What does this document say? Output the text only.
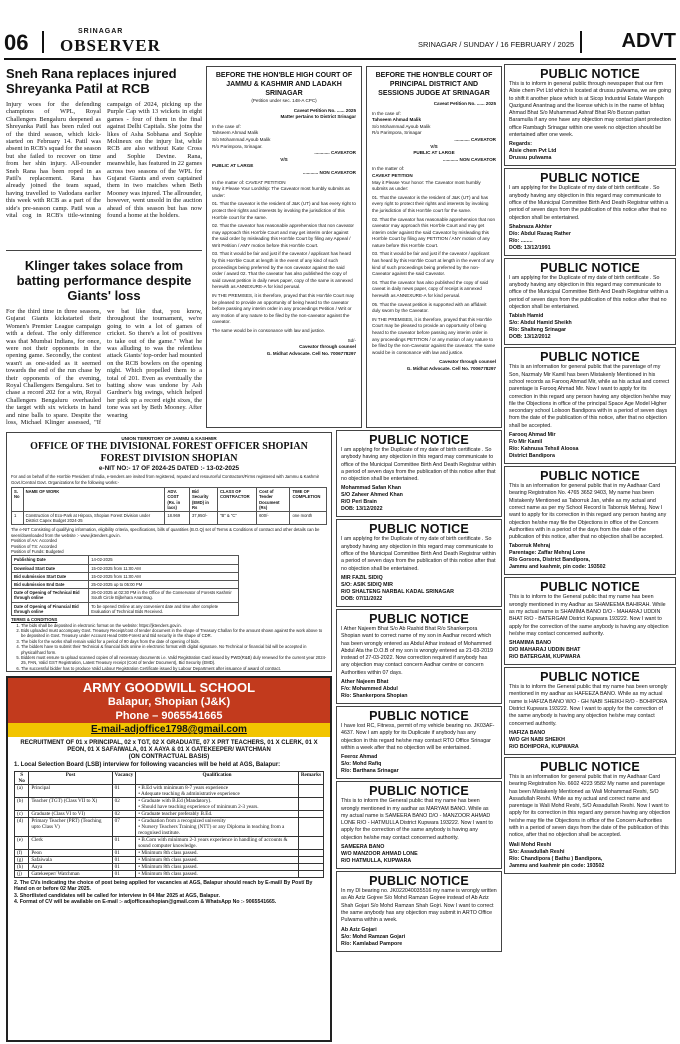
06	SRINAGAR
OBSERVER	SRINAGAR / SUNDAY / 16 FEBRUARY / 2025 ADVT
Sneh Rana replaces injured Shreyanka Patil at RCB
Injury woes for the defending champions of WPL, Royal Challengers Bengaluru deepened as Shreyanka Patil has been ruled out of the third season, which kick-started on February 14. Patil was absent in RCB's squad for the season but she failed to recover on time from her shin injury. All-rounder Sneh Rana has been roped in as Patil's replacement. Rana has already joined the team squad, having travelled to Vadodara earlier this week with RCB as a part of the side's pre-season camp. Patil was a vital cog in RCB's title-winning campaign of 2024, picking up the Purple Cap with 13 wickets in eight games - four of them in the final against Delhi Capitals. She joins the likes of Asha Sobhana and Sophie Molineux on the injury list, while RCB are also without Kate Cross and Sophie Devine. Rana, meanwhile, has featured in 22 games across two seasons of the WPL for Gujarat Giants and even captained them in two matches when Beth Mooney was injured. The allrounder, however, went unsold in the auction ahead of this season but has now found a home at the holders.
Klinger takes solace from batting performance despite Giants' loss
For the third time in three seasons, Gujarat Giants kickstarted their Women's Premier League campaign with a defeat. The only difference was that Mumbai Indians, for once, were not their opponents in the opening game. Secondly, the contest wasn't as one-sided as it seemed towards the end of the run chase by their opponents of the evening, Royal Challengers Bengaluru. Set to chase a record 202 for a win, Royal Challengers Bengaluru overhauled the target with six wickets in hand and nine balls to spare. Despite the loss, Michael Klinger assessed, "If we bat like that, you know, throughout the tournament, we're going to win a lot of games of cricket. So there's a lot of positives to take out of the game." What he was alluding to was the relentless attack Giants' top-order had mounted on the RCB bowlers on the opening night. Which propelled them to a total of 201. Even as eventually the batting show was undone by Ash Gardner's big swings, which helped her pick up a record eight sixes, the tone was set by Beth Mooney. After wearing
BEFORE THE HON'BLE HIGH COURT OF JAMMU & KASHMIR AND LADAKH SRINAGAR
(Petition under sec. 148-A CPC)
Caveat Petition No. ...... 2025
Matter pertains to District Srinagar
In the case of:
Tahseem Ahmad Malik
S/o Mohammad Ayoub Malik
R/o Parimpora, Srinagar.
............ CAVEATOR
V/S
PUBLIC AT LARGE
............ NON CAVEATOR
In the matter of: CAVEAT PETITION
May it Please Your Lordship: The Caveator most humbly submits as under:
01. That the caveator is the resident of J&K (UT) and has every right to protect their rights and interests by invoking the jurisdiction of this Hon'ble court for the same.
02. That the caveator has reasonable apprehension that non caveator may approach this Hon'ble Court and may get interim order against the said order by misleading this Hon'ble Court by filing any Appeal / Writ Petition / AMY motion before this Hon'ble Court.
03. That it would be fair and just if the caveator / applicant has heard by this Hon'ble Court at length in the event of any kind of such proceedings being preferred by the non caveator against the said order / award 02. That the caveator has also published the copy of said caveat petition in daily news paper, copy of the same is annexed herewith as ANNEXURE-A for kind perusal.
IN THE PREMISES, it is therefore, prayed that this Hon'ble Court may be pleased to provide an opportunity of being heard to the caveator before passing any interim order in any proceedings Petition / Writ or any motion of any nature to be filed by the non-caveator against the caveator.
The same would be in consonance with law and justice.
Sd/-
Caveator through counsel
G. Midhat Advocate. Cell No. 7006778297
BEFORE THE HON'BLE COURT OF PRINCIPAL DISTRICT AND SESSIONS JUDGE AT SRINAGAR
Caveat Petition No. ...... 2025
In the case of:
Tahseem Ahmad Malik
S/o Mohammad Ayoub Malik
R/o Parimpora, Srinagar
............ CAVEATOR
V/S
PUBLIC AT LARGE
............ NON CAVEATOR
In the matter of:
CAVEAT PETITION
May it Please Your honor: The Caveator most humbly submits as under:
01. That the caveator is the resident of J&K (UT) and has every right to protect their rights and interests by invoking the jurisdiction of this Hon'ble court for the same.
02. That the caveator has reasonable apprehension that non caveator may approach this Hon'ble Court and may get interim order against the said Caveator by misleading this Hon'ble Court by filing any PETITION / ANY motion of any nature before this Hon'ble Court.
03. That it would be fair and just if the caveator / applicant has heard by this Hon'ble Court at length in the event of any kind of such proceedings being preferred by the non-Caveator against the said Caveator.
04. That the caveator has also published the copy of said caveat in daily news paper, copy of receipt is annexed herewith as ANNEXURE-A for kind perusal.
05. That the caveat petition is supported with an affidavit duly sworn by the Caveator.
IN THE PREMISES, it is therefore, prayed that this Hon'ble Court may be pleased to provide an opportunity of being heard to the caveator before passing any interim order in any proceedings PETITION / or any motion of any nature to be filed by the non-Caveator against the caveator. The same would be in consonance with law and justice.
Caveator through counsel
G. Midhat Advocate. Cell No. 7006778297
PUBLIC NOTICE
This is to inform in general public through newspaper that our firm Alsie chem Pvt Ltd which is located at drussu pulwama, we are going to shift it another place which is at Sicop Industrial Estate Wanpoh Qazigund Anantnag and the license which is in the name of Ishfaq Ahmad Bhat S/o Muhammad Ashraf Bhat R/o Burzan pattan Baramulla if any one have any objection may contact plant protection office Rambagh Srinagar within one week no objection should be entertained after one week.
Regards:
Alsie chem Pvt Ltd
Drussu pulwama
PUBLIC NOTICE
I am applying for the Duplicate of my date of birth certificate . So anybody having any objection in this regard may communicate to office of the Municipal Committee Birth And Death Registrar within a period of seven days from the publication of this notice after that no objection shall be entertained.
Shabnaza Akhter
D/o: Abdul Razaq Rather
R/o: ........
DOB: 13/12/1991
PUBLIC NOTICE
I am applying for the Duplicate of my date of birth certificate . So anybody having any objection in this regard may communicate to office of the Municipal Committee Birth And Death Registrar within a period of seven days from the publication of this notice after that no objection shall be entertained.
Tabish Hamid
S/o: Abdul Hamid Sheikh
R/o: Shalteng Srinagar
DOB: 13/12/2012
PUBLIC NOTICE
This is an information for general public that the parentage of my Son, Nazmaly Mir Kamil has been Mistakenly Mentioned in his school records as Farooq Ahmad Mir, while as his actual and correct parentage is Farooq Ahmad Mir. Now I want to apply for its correction in this regard any person having any objection he/she may file the Objections in office of the principal Space Age Model Higher secondary school Lolsoon Bandipora with in a period of seven days from the date of the publication of this notice, after that no objection shall be accepted.
Farooq Ahmad Mir
F/o Mir Kamil
R/o: Kahnusa Tehsil Aloosa
District Bandipora
PUBLIC NOTICE
This is an information for general public that in my Aadhaar Card bearing Registration No. 4765 3652 9403, My name has been Mistakenly Mentioned as Taborruk Jan, while as my actual and correct name as per my School Record is Taborruk Mehraj. Now I want to apply for its correction in this regard any person having any objection he/she may file the Objections in office of the Concern Authorities with in a period of the days from the date of the publication of this notice, after that no objection shall be accepted.
Taborruk Mehraj
Parentage: Zaffar Mehraj Lone
R/o Gorsora, District Bandipora,
Jammu and kashmir, pin code: 193502
PUBLIC NOTICE
This is to inform to the General public that my name has been wrongly mentioned in my Aadhar as SHAMEEMA BAHIRAH. While as my actual name is SHAMIMA BANO D/O - MAHARAJ UDDIN BHAT R/O - BATERGAM District Kupwara 193222. Now I want to apply for the correction of the same anybody is having any objection he/she may contact concerned authority.
SHAMIMA BANO
D/O MAHARAJ UDDIN BHAT
R/O BATERGAM, KUPWARA
PUBLIC NOTICE
This is to inform the General public that my name has been wrongly mentioned in my aadhar as HAFEEZA BANO. While as my actual name is HAFIZA BANO W/O - GH NABI SHEIKH R/O - BOHIPORA District Kupwara 193222. Now I want to apply for the correction of the same anybody is having any objection he/she may contact concerned authority.
HAFIZA BANO
W/O GH NABI SHEIKH
R/O BOHIPORA, KUPWARA
PUBLIC NOTICE
This is an information for general public that in my Aadhaar Card bearing Registration No. 6602 4223 9582 My name and parentage has been Mistakenly Mentioned as Wali Mohammad Reshi, S/O Assadullah Reshi. While as my actual and correct name and parentage is Wali Mohd Reshi, S/O Assadullah Reshi. Now I want to apply for its correction in this regard any person having any objection he/she may file the Objections in office of the Concern Authorities with in a period of seven days from the date of the publication of this notice, after that no objection shall be accepted.
Wali Mohd Reshi
S/o: Assadullah Reshi
R/o: Chandipora ( Bathu ) Bandipora,
Jammu and kashmir pin code: 193502
PUBLIC NOTICE
I am applying for the Duplicate of my date of birth certificate . So anybody having any objection in this regard may communicate to office of the Municipal Committee Birth And Death Registrar within a period of seven days from the publication of this notice after that no objection shall be entertained.
Mohammad Safan Khan
S/O Zaheer Ahmed Khan
R/O Peri Brain
DOB: 13/12/2022
PUBLIC NOTICE
I am applying for the Duplicate of my date of birth certificate . So anybody having any objection in this regard may communicate to office of the Municipal Committee Birth And Death Registrar within a period of seven days from the publication of this notice after that no objection shall be entertained.
MIR FAZIL SIDIQ
S/O: ASIK SIDIQ MIR
R/O SHALTENG NARBAL KADAL SRINAGAR
DOB: 07/11/2022
PUBLIC NOTICE
I Ather Najeem Bhat S/o Ab Rashid Bhat R/o Shankerpora Shopian want to correct name of my son in Aadhar record which has been wrongly entered as Abdul Athar instead of Mohammed Abdul Ata the D.O.B of my son is wrongly entered as 21-03-2019 instead of 27-03-2022. Now correction required if anybody has any objection may contact concern Aadhar centre or concern Authorities within 07 days.
Ather Najeem Bhat
F/o: Mohammed Abdul
R/o: Shankerpora Shopian
PUBLIC NOTICE
I have lost RC, Fitness, permit of my vehicle bearing no. JK03AF-4637. Now I am apply for its Duplicate if anybody has any objection in this regard he/she may contact RTO Office Srinagar within a week after that no objection will be entertained.
Feeroz Ahmad
S/o: Mohd Rafiq
R/o: Barthana Srinagar
PUBLIC NOTICE
This is to inform the General public that my name has been wrongly mentioned in my aadhar as MARYAM BANO. While as my actual name is SAMEERA BANO D/O - MANZOOR AHMAD LONE R/O - HATMULLA District Kupwara 193222. Now I want to apply for the correction of the same anybody is having any objection he/she may contact concerned authority.
SAMEERA BANO
W/O MANZOOR AHMAD LONE
R/O HATMULLA, KUPWARA
PUBLIC NOTICE
In my Dl bearing no. JK022040035516 my name is wrongly written as Ab Aziz Gojree S/o Mohd Ramzan Gojree instead of Ab Aziz Shah Gojari S/o Mohd Ramzan Shah Gojri. Now I want to correct the same anybody has any objection may submit in ARTO Office Pulwama within a week.
Ab Aziz Gojari
S/o: Mohd Ramzan Gojari
R/o: Kamlabad Pampore
UNION TERRITORY OF JAMMU & KASHMIR
OFFICE OF THE DIVISIONAL FOREST OFFICER SHOPIAN
FOREST DIVISION SHOPIAN
e-NIT NO:- 17 OF 2024-25 DATED :- 13-02-2025
For and on behalf of the Hon'ble President of India, e-tenders are invited from registered, reputed and resourceful Contractors/Firms registered with Jammu & Kashmir Govt./Central Govt. Organizations for the following works:-
S. No	NAME OF WORK	ADV. COST (Rs. in lacs)	Bid Security (EMD) in Rs	CLASS OF CONTRACTOR	Cost of Tender Document (Rs)	TIME OF COMPLETION
1	Construction of Eco-Park at Hirpora, Shopian Forest Division under District Capex Budget 2024-25	18.969	37,950/-	"B" & "C"	600/-	one month
The e-NIT Consisting of qualifying information, eligibility criteria, specifications, bills of quantities (B.O.Q) set of Terms & Conditions of contract and other details can be seen/downloaded from the website :- www.jktenders.gov.in.
Position of AA: Accorded
Position of TS: Accorded
Position of Funds: Budgeted
Publishing Date	14-02-2025
Download Start Date	15-02-2025 from 11:00 AM
Bid submission Start Date	15-02-2025 from 11:00 AM
Bid submission End Date	25-02-2025 up to 05:00 PM
Date of Opening of Technical Bid through online	26-02-2025 at 02:30 PM in the Office of the Conservator of Forests Kashmir South Circle Bijbehara Anantnag.
Date of Opening of Financial Bid through online	To be opened Online at any convenient date and time after complete Evaluation of Technical Bids Received.
TERMS & CONDITIONS
1. The bids shall be deposited in electronic format on the website: https://jktenders.gov.in.
2. Bids uploaded must accompany Govt. Treasury Receipt/cost of tender document in the shape of Treasury Challan for the amount shown against the work above to be deposited in Govt. Treasury under Account Head 0406-Forest and Bid security in the shape of CDR.
3. The bids for the works shall remain valid for a period of 90 days from the date of opening of bids.
4. The bidders have to submit their Technical & financial bids online in electronic format with digital signature. No Technical or financial bid will be accepted in physical/hard form.
5. Bidders must ensure to upload scanned copies of all necessary documents i.e. Valid Registration Card issued by PWD(R&B) duly renewed for the current year 2024-25, PAN, Valid GST Registration, Latest Treasury receipt (Cost of tender Document), Bid Security (EMD).
6. The successful bidder has to produce Valid Labour Registration Certificate issued by Labour Department after issuance of award of contract.
7.
ARMY GOODWILL SCHOOL
Balapur, Shopian (J&K)
Phone – 9065541665
E-mail-adjoffice1798@gmail.com
RECRUITMENT OF 01 x PRINCIPAL, 02 x TGT, 02 X GRADUATE, 07 X PRT TEACHERS, 01 X CLERK, 01 X PEON, 01 X SAFAIWALA, 01 X AAYA & 01 X GATEKEEPER/ WATCHMAN
(ON CONTRACTUAL BASIS)
1. Local Selection Board (LSB) interview for following vacancies will be held at AGS, Balapur:
S No	Post	Vacancy	Qualification	Remarks
(a)	Principal	01	• B.Ed with minimum 8-7 years experience
• Adequate teaching & administrative experience	
(b)	Teacher (TGT) (Class VII to X)	02	• Graduate with B.Ed (Mandatory).
• Should have teaching experience of minimum 2-3 years.	
(c)	Graduate (Class VI to VI)	02	• Graduate teacher preferably B.Ed.	
(d)	Primary Teacher (PRT) (Teaching upto Class V)	07	• Graduation from a recognized university
• Nursery Teachers Training (NTT) or any Diploma in teaching from a recognised institute.	
(e)	Clerk	01	• B.Com with minimum 2-3 years experience in handling of accounts & sound computer knowledge.	
(f)	Peon	01	• Minimum 8th class passed.	
(g)	Safaiwala	01	• Minimum 8th class passed.	
(h)	Aaya	01	• Minimum 8th class passed.	
(j)	Gatekeeper/ Watchman	01	• Minimum 8th class passed.	
2. The CVs indicating the choice of post being applied for vacancies at AGS, Balapur should reach by E-mail/ By Post/ By Hand on or before 02 Mar 2025.
3. Shortlisted candidates will be called for interview in 04 Mar 2025 at AGS, Balapur.
4. Format of CV will be available on E-mail :- adjofficeashopian@gmail.com & WhatsApp No :- 9065541665.
